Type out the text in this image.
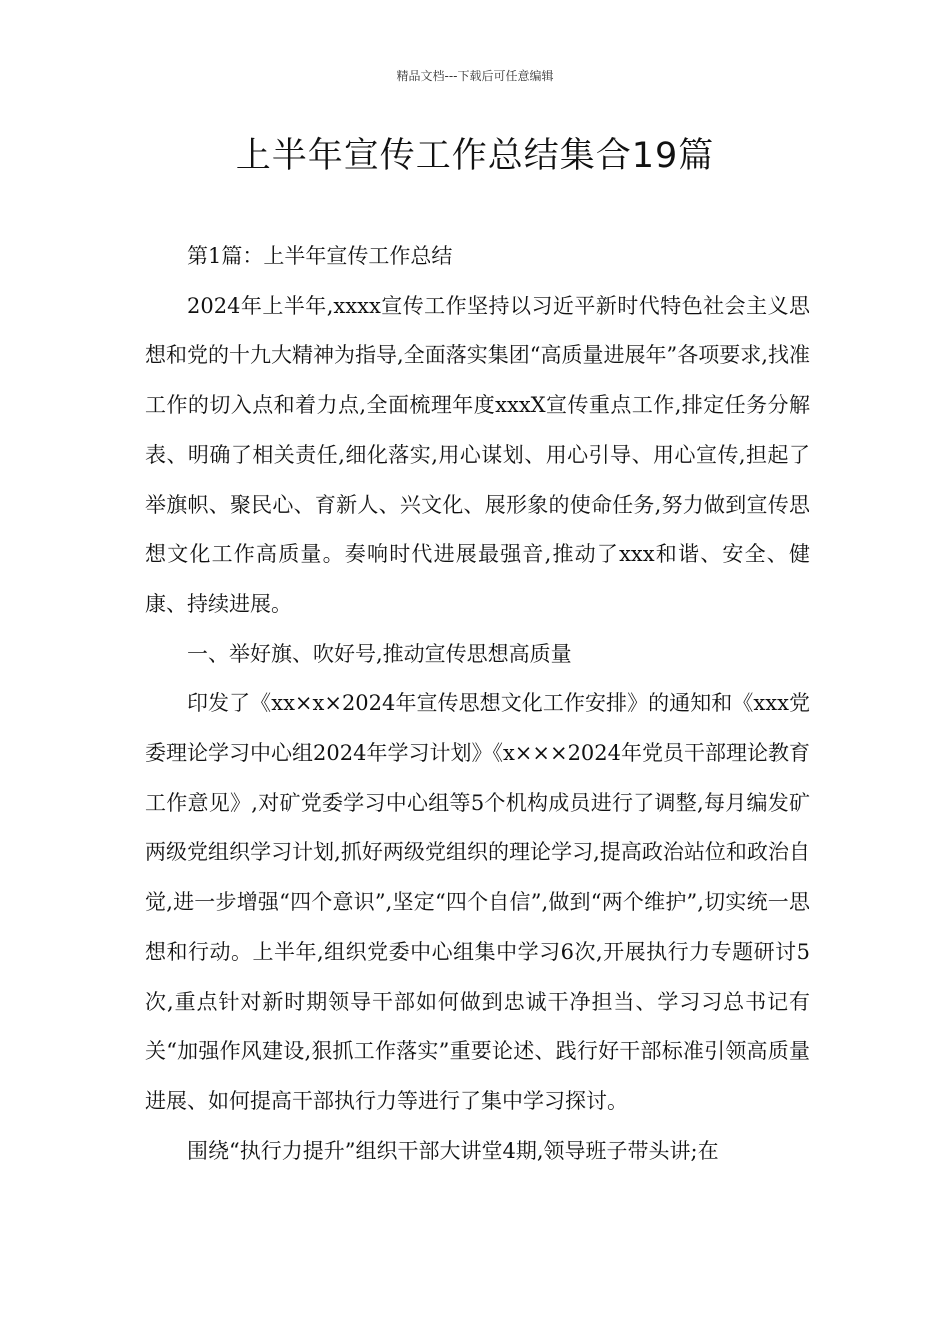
精品文档---下载后可任意编辑
上半年宣传工作总结集合19篇

第1篇：上半年宣传工作总结

2024年上半年,xxxx宣传工作坚持以习近平新时代特色社会主义思想和党的十九大精神为指导,全面落实集团“高质量进展年”各项要求,找准工作的切入点和着力点,全面梳理年度xxxX宣传重点工作,排定任务分解表、明确了相关责任,细化落实,用心谋划、用心引导、用心宣传,担起了举旗帜、聚民心、育新人、兴文化、展形象的使命任务,努力做到宣传思想文化工作高质量。奏响时代进展最强音,推动了xxx和谐、安全、健康、持续进展。

一、举好旗、吹好号,推动宣传思想高质量

印发了《xx×x×2024年宣传思想文化工作安排》的通知和《xxx党委理论学习中心组2024年学习计划》《x×××2024年党员干部理论教育工作意见》,对矿党委学习中心组等5个机构成员进行了调整,每月编发矿两级党组织学习计划,抓好两级党组织的理论学习,提高政治站位和政治自觉,进一步增强“四个意识”,坚定“四个自信”,做到“两个维护”,切实统一思想和行动。上半年,组织党委中心组集中学习6次,开展执行力专题研讨5次,重点针对新时期领导干部如何做到忠诚干净担当、学习习总书记有关“加强作风建设,狠抓工作落实”重要论述、践行好干部标准引领高质量进展、如何提高干部执行力等进行了集中学习探讨。

围绕“执行力提升”组织干部大讲堂4期,领导班子带头讲;在
